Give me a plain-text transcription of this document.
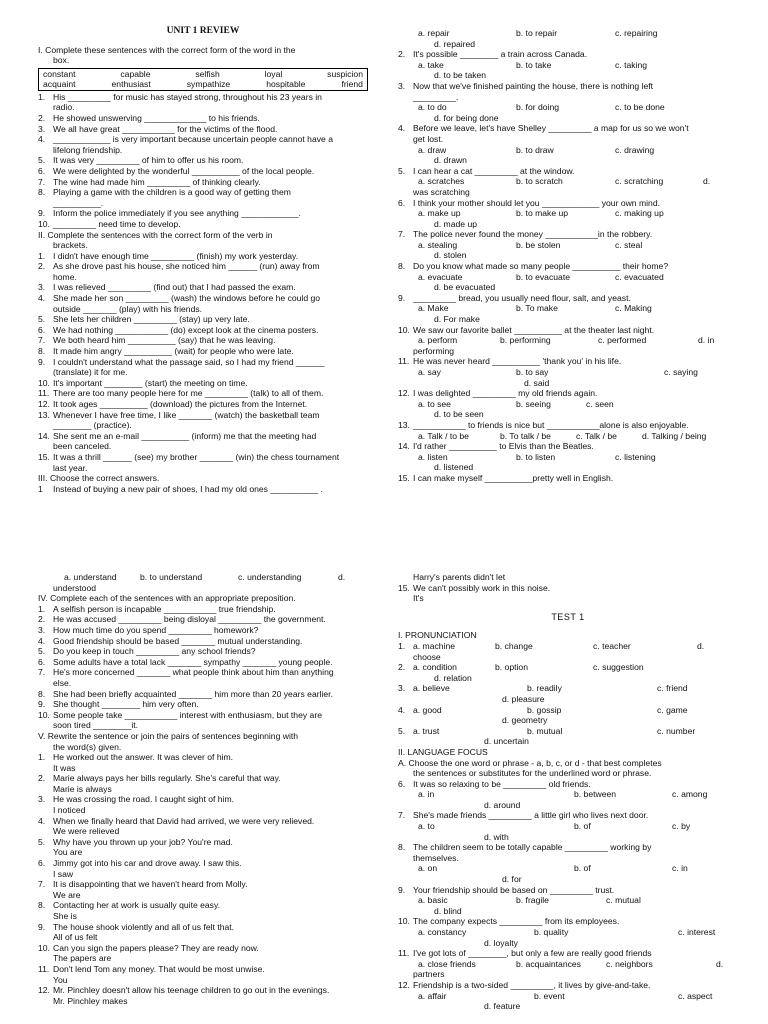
UNIT 1 REVIEW
I. Complete these sentences with the correct form of the word in the
box.
constant	capable	selfish	loyal	suspicion
acquaint	enthusiast	sympathize	hospitable	friend
1. His _________ for music has stayed strong, throughout his 23 years in
radio.
2. He showed unswerving _____________ to his friends.
3. We all have great ___________ for the victims of the flood.
4. ____________ is very important because uncertain people cannot have a
lifelong friendship.
5. It was very _________ of him to offer us his room.
6. We were delighted by the wonderful __________ of the local people.
7. The wine had made him _________ of thinking clearly.
8. Playing a game with the children is a good way of getting them
__________.
9. Inform the police immediately if you see anything ____________.
10. _________ need time to develop.
II. Complete the sentences with the correct form of the verb in
brackets.
1. I didn't have enough time _________ (finish) my work yesterday.
2. As she drove past his house, she noticed him ______ (run) away from
home.
3. I was relieved _________ (find out) that I had passed the exam.
4. She made her son _________ (wash) the windows before he could go
outside _______ (play) with his friends.
5. She lets her children _________ (stay) up very late.
6. We had nothing ___________ (do) except look at the cinema posters.
7. We both heard him __________ (say) that he was leaving.
8. It made him angry __________ (wait) for people who were late.
9. I couldn't understand what the passage said, so I had my friend ______
(translate) it for me.
10. It's important ________ (start) the meeting on time.
11. There are too many people here for me _________ (talk) to all of them.
12. It took ages __________ (download) the pictures from the Internet.
13. Whenever I have free time, I like _______ (watch) the basketball team
________ (practice).
14. She sent me an e-mail __________ (inform) me that the meeting had
been canceled.
15. It was a thrill ______ (see) my brother _______ (win) the chess tournament
last year.
III. Choose the correct answers.
1	Instead of buying a new pair of shoes, I had my old ones __________ .
a. repair	b. to repair	c. repairing
d. repaired
2. It's possible ________ a train across Canada.
a. take	b. to take	c. taking
d. to be taken
3. Now that we've finished painting the house, there is nothing left
_________.
a. to do	b. for doing	c. to be done
d. for being done
4. Before we leave, let's have Shelley _________ a map for us so we won't
get lost.
a. draw	b. to draw	c. drawing
d. drawn
5. I can hear a cat _________ at the window.
a. scratches	b. to scratch	c. scratching	d.
was scratching
6. I think your mother should let you ____________ your own mind.
a. make up	b. to make up	c. making up
d. made up
7. The police never found the money ___________in the robbery.
a. stealing	b. be stolen	c. steal
d. stolen
8. Do you know what made so many people __________ their home?
a. evacuate	b. to evacuate	c. evacuated
d. be evacuated
9. _________ bread, you usually need flour, salt, and yeast.
a. Make	b. To make	c. Making
d. For make
10. We saw our favorite ballet __________ at the theater last night.
a. perform	b. performing	c. performed	d. in
performing
11. He was never heard __________ 'thank you' in his life.
a. say	b. to say	c. saying
d. said
12. I was delighted _________ my old friends again.
a. to see	b. seeing	c. seen
d. to be seen
13. ___________ to friends is nice but ___________alone is also enjoyable.
a. Talk / to be	b. To talk / be	c. Talk / be	d. Talking / being
14. I'd rather __________ to Elvis than the Beatles.
a. listen	b. to listen	c. listening
d. listened
15. I can make myself __________pretty well in English.
a. understand	b. to understand	c. understanding	d.
understood
IV. Complete each of the sentences with an appropriate preposition.
1. A selfish person is incapable ___________ true friendship.
2. He was accused _________ being disloyal _________ the government.
3. How much time do you spend _________ homework?
4. Good friendship should be based _______ mutual understanding.
5. Do you keep in touch _________ any school friends?
6. Some adults have a total lack _______ sympathy _______ young people.
7. He's more concerned _______ what people think about him than anything
else.
8. She had been briefly acquainted _______ him more than 20 years earlier.
9. She thought ________ him very often.
10. Some people take ___________ interest with enthusiasm, but they are
soon tired ________it.
V. Rewrite the sentence or join the pairs of sentences beginning with
the word(s) given.
1. He worked out the answer. It was clever of him.
It was
2. Marie always pays her bills regularly. She's careful that way.
Marie is always
3. He was crossing the road. I caught sight of him.
I noticed
4. When we finally heard that David had arrived, we were very relieved.
We were relieved
5. Why have you thrown up your job? You're mad.
You are
6. Jimmy got into his car and drove away. I saw this.
I saw
7. It is disappointing that we haven't heard from Molly.
We are
8. Contacting her at work is usually quite easy.
She is
9. The house shook violently and all of us felt that.
All of us felt
10. Can you sign the papers please? They are ready now.
The papers are
11. Don't lend Tom any money. That would be most unwise.
You
12. Mr. Pinchley doesn't allow his teenage children to go out in the evenings.
Mr. Pinchley makes
Harry's parents didn't let
15. We can't possibly work in this noise.
It's
TEST 1
I. PRONUNCIATION
1. a. machine	b. change	c. teacher	d.
choose
2. a. condition	b. option	c. suggestion
d. relation
3. a. believe	b. readily	c. friend
d. pleasure
4. a. good	b. gossip	c. game
d. geometry
5. a. trust	b. mutual	c. number
d. uncertain
II. LANGUAGE FOCUS
A. Choose the one word or phrase - a, b, c, or d - that best completes
the sentences or substitutes for the underlined word or phrase.
6. It was so relaxing to be _________ old friends.
a. in	b. between	c. among
d. around
7. She's made friends _________ a little girl who lives next door.
a. to	b. of	c. by
d. with
8. The children seem to be totally capable _________ working by
themselves.
a. on	b. of	c. in
d. for
9. Your friendship should be based on _________ trust.
a. basic	b. fragile	c. mutual
d. blind
10. The company expects _________ from its employees.
a. constancy	b. quality	c. interest
d. loyalty
11. I've got lots of ________, but only a few are really good friends
a. close friends	b. acquaintances	c. neighbors	d.
partners
12. Friendship is a two-sided _________, it lives by give-and-take.
a. affair	b. event	c. aspect
d. feature
